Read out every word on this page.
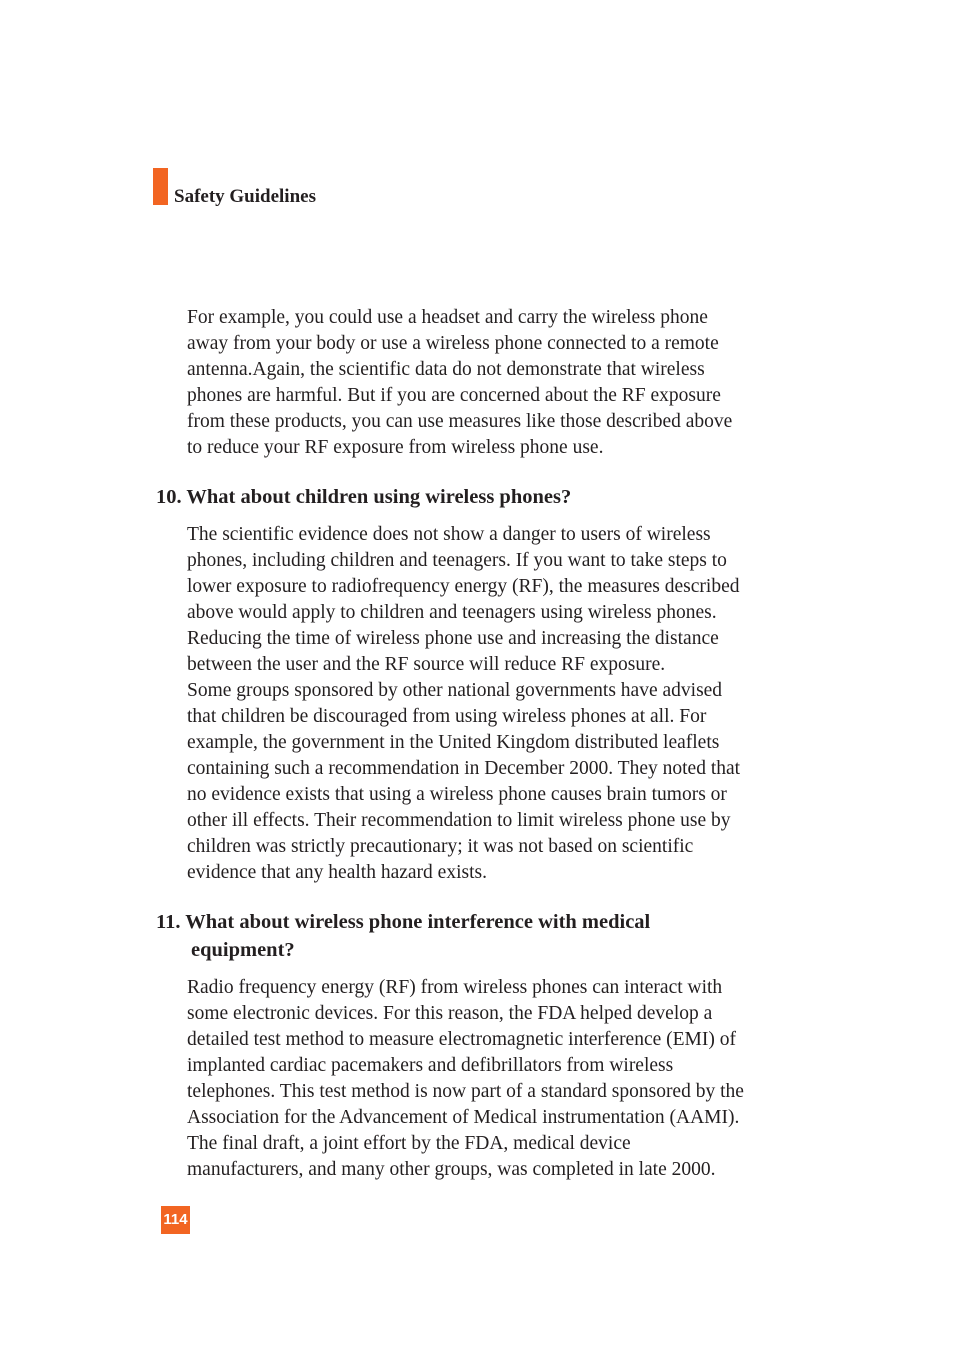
Safety Guidelines

For example, you could use a headset and carry the wireless phone
away from your body or use a wireless phone connected to a remote
antenna.Again, the scientific data do not demonstrate that wireless
phones are harmful. But if you are concerned about the RF exposure
from these products, you can use measures like those described above
to reduce your RF exposure from wireless phone use.

10. What about children using wireless phones?

The scientific evidence does not show a danger to users of wireless
phones, including children and teenagers. If you want to take steps to
lower exposure to radiofrequency energy (RF), the measures described
above would apply to children and teenagers using wireless phones.
Reducing the time of wireless phone use and increasing the distance
between the user and the RF source will reduce RF exposure.
Some groups sponsored by other national governments have advised
that children be discouraged from using wireless phones at all. For
example, the government in the United Kingdom distributed leaflets
containing such a recommendation in December 2000. They noted that
no evidence exists that using a wireless phone causes brain tumors or
other ill effects. Their recommendation to limit wireless phone use by
children was strictly precautionary; it was not based on scientific
evidence that any health hazard exists.

11. What about wireless phone interference with medical
equipment?

Radio frequency energy (RF) from wireless phones can interact with
some electronic devices. For this reason, the FDA helped develop a
detailed test method to measure electromagnetic interference (EMI) of
implanted cardiac pacemakers and defibrillators from wireless
telephones. This test method is now part of a standard sponsored by the
Association for the Advancement of Medical instrumentation (AAMI).
The final draft, a joint effort by the FDA, medical device
manufacturers, and many other groups, was completed in late 2000.

114
